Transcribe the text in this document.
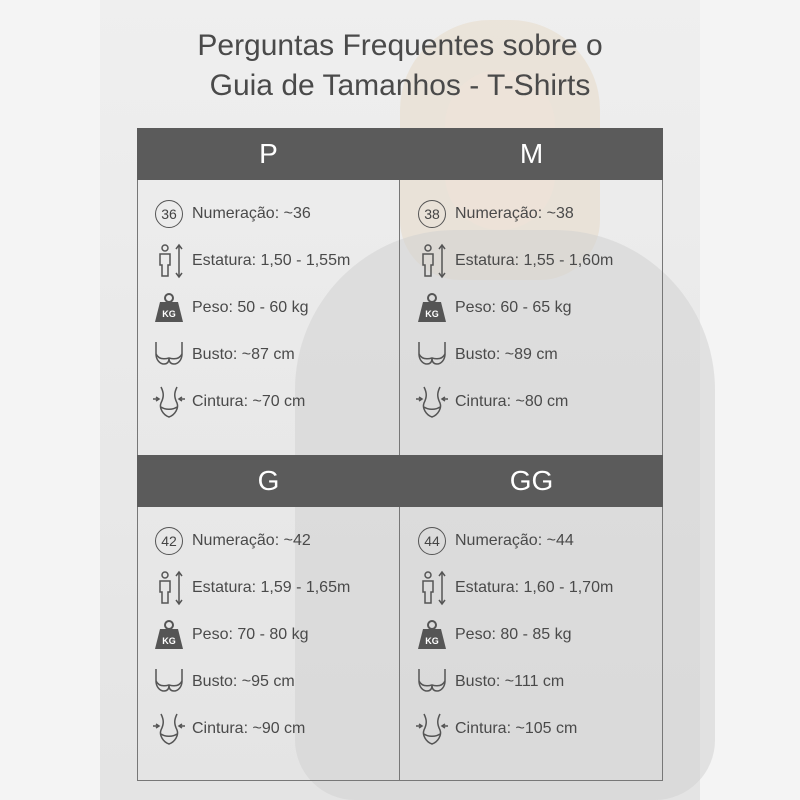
Perguntas Frequentes sobre o
Guia de Tamanhos - T-Shirts
P	M
G	GG
36 Numeração: ~36
Estatura: 1,50 - 1,55m
KG Peso: 50 - 60 kg
Busto: ~87 cm
Cintura: ~70 cm
38 Numeração: ~38
Estatura: 1,55 - 1,60m
KG Peso: 60 - 65 kg
Busto: ~89 cm
Cintura: ~80 cm
42 Numeração: ~42
Estatura: 1,59 - 1,65m
KG Peso: 70 - 80 kg
Busto: ~95 cm
Cintura: ~90 cm
44 Numeração: ~44
Estatura: 1,60 - 1,70m
KG Peso: 80 - 85 kg
Busto: ~111 cm
Cintura: ~105 cm
